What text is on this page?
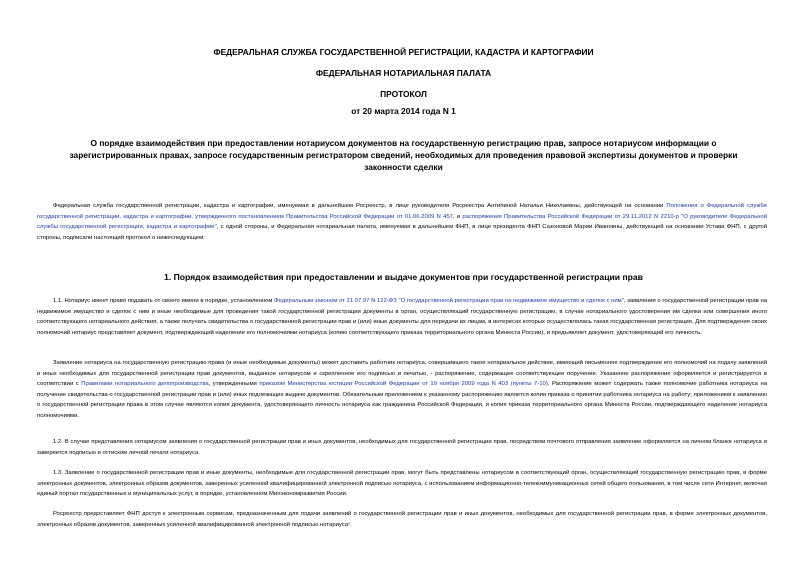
ФЕДЕРАЛЬНАЯ СЛУЖБА ГОСУДАРСТВЕННОЙ РЕГИСТРАЦИИ, КАДАСТРА И КАРТОГРАФИИ
ФЕДЕРАЛЬНАЯ НОТАРИАЛЬНАЯ ПАЛАТА
ПРОТОКОЛ
от 20 марта 2014 года N 1
О порядке взаимодействия при предоставлении нотариусом документов на государственную регистрацию прав, запросе нотариусом информации о зарегистрированных правах, запросе государственным регистратором сведений, необходимых для проведения правовой экспертизы документов и проверки законности сделки

Федеральная служба государственной регистрации, кадастра и картографии, именуемая в дальнейшем Росреестр, в лице руководителя Росреестра Антипиной Натальи Николаевны, действующей на основании Положения о Федеральной службе государственной регистрации, кадастра и картографии, утвержденного постановлением Правительства Российской Федерации от 01.06.2009 N 457, и распоряжения Правительства Российской Федерации от 29.11.2012 N 2210-р "О руководителе Федеральной службы государственной регистрации, кадастра и картографии", с одной стороны, и Федеральная нотариальная палата, именуемая в дальнейшем ФНП, в лице президента ФНП Сазоновой Марии Ивановны, действующей на основании Устава ФНП, с другой стороны, подписали настоящий протокол о нижеследующем:

1. Порядок взаимодействия при предоставлении и выдаче документов при государственной регистрации прав

1.1. Нотариус имеет право подавать от своего имени в порядке, установленном Федеральным законом от 21.07.97 N 122-ФЗ "О государственной регистрации прав на недвижимое имущество и сделок с ним", заявления о государственной регистрации прав на недвижимое имущество и сделок с ним и иные необходимые для проведения такой государственной регистрации документы в орган, осуществляющий государственную регистрацию, в случае нотариального удостоверения им сделки или совершения иного соответствующего нотариального действия, а также получать свидетельства о государственной регистрации прав и (или) иные документы для передачи их лицам, в интересах которых осуществлялась такая государственная регистрация. Для подтверждения своих полномочий нотариус представляет документ, подтверждающий наделение его полномочиями нотариуса (копию соответствующего приказа территориального органа Минюста России), и предъявляет документ, удостоверяющий его личность.

Заявление нотариуса на государственную регистрацию права (и иные необходимые документы) может доставить работник нотариуса, совершившего такое нотариальное действие, имеющий письменное подтверждение его полномочий на подачу заявлений и иных необходимых для государственной регистрации прав документов, выданное нотариусом и скрепленное его подписью и печатью, - распоряжение, содержащее соответствующее поручение. Указанное распоряжение оформляется и регистрируется в соответствии с Правилами нотариального делопроизводства, утвержденными приказом Министерства юстиции Российской Федерации от 19 ноября 2009 года N 403 (пункты 7-10). Распоряжение может содержать также полномочие работника нотариуса на получение свидетельства о государственной регистрации прав и (или) иных подлежащих выдаче документов. Обязательным приложением к указанному распоряжению является копия приказа о принятии работника нотариуса на работу; приложением к заявлению о государственной регистрации права в этом случае являются копия документа, удостоверяющего личность нотариуса как гражданина Российской Федерации, и копия приказа территориального органа Минюста России, подтверждающего наделение нотариуса полномочиями.

1.2. В случае представления нотариусом заявления о государственной регистрации прав и иных документов, необходимых для государственной регистрации прав, посредством почтового отправления заявление оформляется на личном бланке нотариуса и заверяется подписью и оттиском личной печати нотариуса.

1.3. Заявление о государственной регистрации прав и иные документы, необходимые для государственной регистрации прав, могут быть представлены нотариусом в соответствующий орган, осуществляющий государственную регистрацию прав, в форме электронных документов, электронных образов документов, заверенных усиленной квалифицированной электронной подписью нотариуса, с использованием информационно-телекоммуникационных сетей общего пользования, в том числе сети Интернет, включая единый портал государственных и муниципальных услуг, в порядке, установленном Минэкономразвития России.

Росреестр предоставляет ФНП доступ к электронным сервисам, предназначенным для подачи заявлений о государственной регистрации прав и иных документов, необходимых для государственной регистрации прав, в форме электронных документов, электронных образов документов, заверенных усиленной квалифицированной электронной подписью нотариуса¹.
